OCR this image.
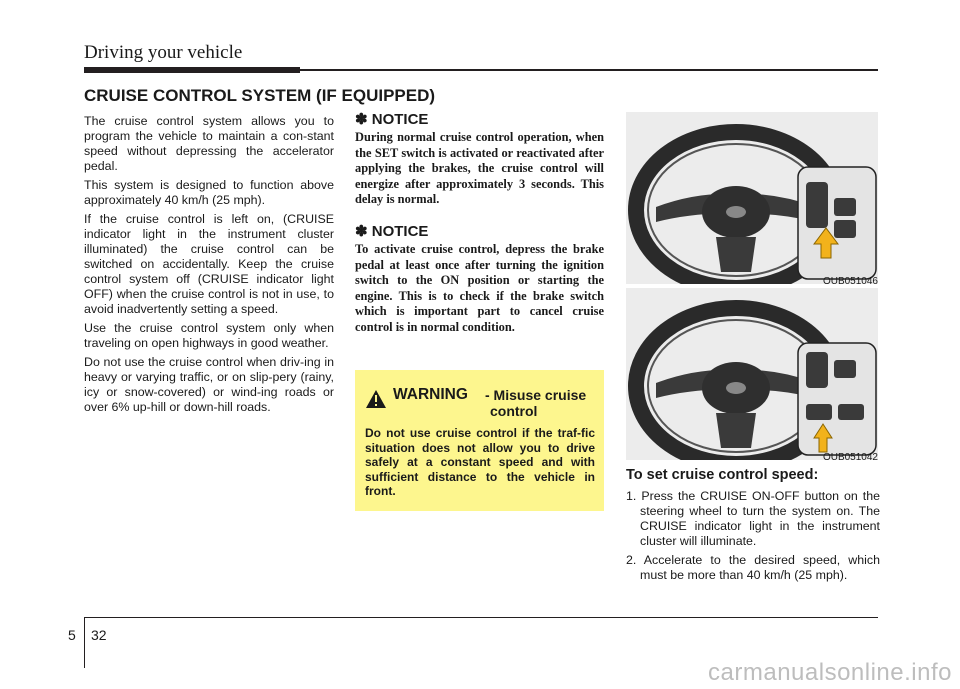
Driving your vehicle
CRUISE CONTROL SYSTEM (IF EQUIPPED)

The cruise control system allows you to program the vehicle to maintain a con-stant speed without depressing the accelerator pedal.

This system is designed to function above approximately 40 km/h (25 mph).

If the cruise control is left on, (CRUISE indicator light in the instrument cluster illuminated) the cruise control can be switched on accidentally. Keep the cruise control system off (CRUISE indicator light OFF) when the cruise control is not in use, to avoid inadvertently setting a speed.

Use the cruise control system only when traveling on open highways in good weather.

Do not use the cruise control when driv-ing in heavy or varying traffic, or on slip-pery (rainy, icy or snow-covered) or wind-ing roads or over 6% up-hill or down-hill roads.

✽ NOTICE
During normal cruise control operation, when the SET switch is activated or reactivated after applying the brakes, the cruise control will energize after approximately 3 seconds. This delay is normal.
✽ NOTICE
To activate cruise control, depress the brake pedal at least once after turning the ignition switch to the ON position or starting the engine. This is to check if the brake switch which is important part to cancel cruise control is in normal condition.
WARNING - Misuse cruise
control
Do not use cruise control if the traf-fic situation does not allow you to drive safely at a constant speed and with sufficient distance to the vehicle in front.
OUB051046
OUB051042
To set cruise control speed:
1. Press the CRUISE ON-OFF button on the steering wheel to turn the system on. The CRUISE indicator light in the instrument cluster will illuminate.
2. Accelerate to the desired speed, which must be more than 40 km/h (25 mph).
5 32
carmanualsonline.info
